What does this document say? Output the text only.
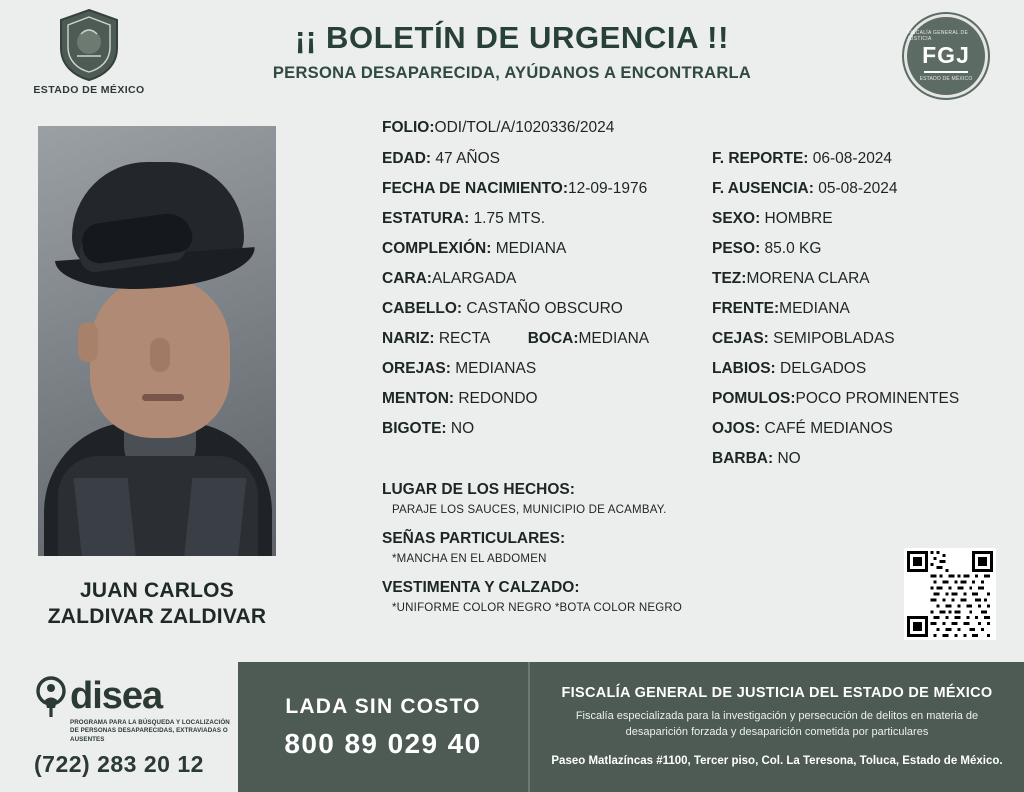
ESTADO DE MÉXICO
¡¡ BOLETÍN DE URGENCIA !!
PERSONA DESAPARECIDA, AYÚDANOS A ENCONTRARLA
FISCALÍA GENERAL DE JUSTICIA
FGJ
ESTADO DE MÉXICO
JUAN CARLOS ZALDIVAR ZALDIVAR
FOLIO:ODI/TOL/A/1020336/2024
EDAD: 47 AÑOS
FECHA DE NACIMIENTO:12-09-1976
ESTATURA: 1.75 MTS.
COMPLEXIÓN: MEDIANA
CARA:ALARGADA
CABELLO: CASTAÑO OBSCURO
NARIZ: RECTA BOCA:MEDIANA
OREJAS: MEDIANAS
MENTON: REDONDO
BIGOTE: NO
F. REPORTE: 06-08-2024
F. AUSENCIA: 05-08-2024
SEXO: HOMBRE
PESO: 85.0 KG
TEZ:MORENA CLARA
FRENTE:MEDIANA
CEJAS: SEMIPOBLADAS
LABIOS: DELGADOS
POMULOS:POCO PROMINENTES
OJOS: CAFÉ MEDIANOS
BARBA: NO
LUGAR DE LOS HECHOS:
PARAJE LOS SAUCES, MUNICIPIO DE ACAMBAY.
SEÑAS PARTICULARES:
*MANCHA EN EL ABDOMEN
VESTIMENTA Y CALZADO:
*UNIFORME COLOR NEGRO *BOTA COLOR NEGRO
disea
PROGRAMA PARA LA BÚSQUEDA Y LOCALIZACIÓN DE PERSONAS DESAPARECIDAS, EXTRAVIADAS O AUSENTES
(722) 283 20 12
LADA SIN COSTO
800 89 029 40
FISCALÍA GENERAL DE JUSTICIA DEL ESTADO DE MÉXICO
Fiscalía especializada para la investigación y persecución de delitos en materia de desaparición forzada y desaparición cometida por particulares
Paseo Matlazíncas #1100, Tercer piso, Col. La Teresona, Toluca, Estado de México.
